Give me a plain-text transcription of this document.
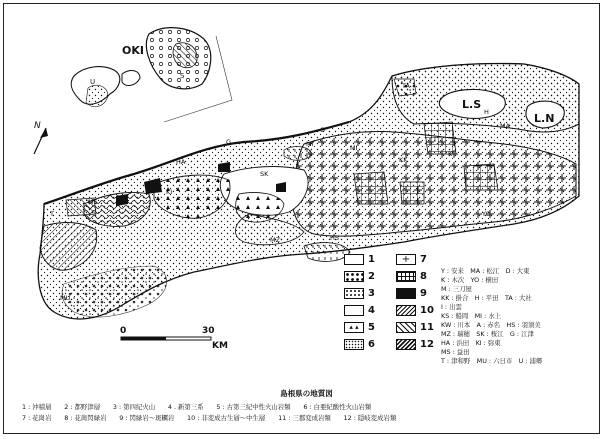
OKI
U
S
N
L.S
L.N
TA
Y
MA
MI
KK
KI
G
HA
SK
KW
MZ
MS
HS
K
O
YO
I
H
T
MU
MI
0	30
KM
1
2
3
4
▴ ▴ 5
6
+ 7
8
9
10
11
12
Y : 安来　MA : 松江　D : 大東
K : 木次　YO : 横田
M : 三刀屋
KK : 掛合　H : 平田　TA : 大社
I : 出雲
KS : 船岡　MI : 水上
KW : 川本　A : 赤名　HS : 羽須美
MZ : 瑞穂　SK : 桜江　G : 江津
HA : 浜田　KI : 弥東
MS : 益田
T : 津和野　MU : 六日市　U : 浦郷
島根県の地質図
1 : 沖積層　　2 : 都野津層　　3 : 第四紀火山　　4 . 新第三系　　5 : 古第三紀中性火山岩類　　6 : 白亜紀酸性火山岩類
7 : 花崗岩　　8 : 花崗閃緑岩　　9 : 閃緑岩～斑糲岩　　10 : 非変成古生層～中生層　　11 : 三郡変成岩類　　12 : 隠岐変成岩類
